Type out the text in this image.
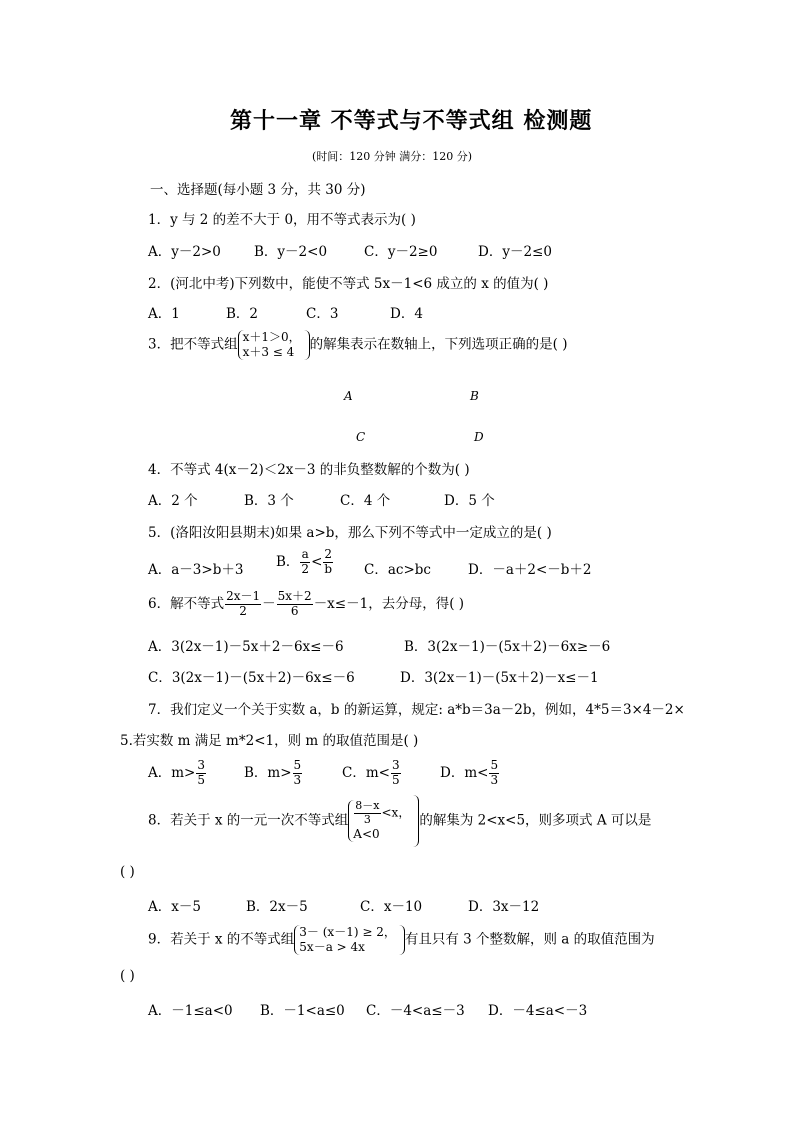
第十一章 不等式与不等式组 检测题
(时间：120 分钟 满分：120 分)
一、选择题(每小题 3 分，共 30 分)
1．y 与 2 的差不大于 0，用不等式表示为( )
A．y－2>0 B．y－2<0	C．y－2≥0	D．y－2≤0
2．(河北中考)下列数中，能使不等式 5x－1<6 成立的 x 的值为( )
A．1	B．2	C．3	D．4
3．把不等式组 x＋1＞0，
x＋3 ≤ 4	的解集表示在数轴上，下列选项正确的是( )
A	B
C	D
4．不等式 4(x－2)＜2x－3 的非负整数解的个数为( )
A．2 个	B．3 个	C．4 个	D．5 个
5．(洛阳汝阳县期末)如果 a>b，那么下列不等式中一定成立的是( )
A．a－3>b＋3
B． $\frac{a}{2} < \frac{2}{b}$ C．ac>bc	D．－a＋2<－b＋2
6．解不等式 $\frac{2x-1}{2} - \frac{5x+2}{6} -x\le-1$，去分母，得( )
A．3(2x－1)－5x＋2－6x≤－6	B．3(2x－1)－(5x＋2)－6x≥－6
C．3(2x－1)－(5x＋2)－6x≤－6	D．3(2x－1)－(5x＋2)－x≤－1
7．我们定义一个关于实数 a，b 的新运算，规定: a*b＝3a－2b，例如，4*5＝3×4－2×
5.若实数 m 满足 m*2<1，则 m 的取值范围是( )
A．$m> \frac{3}{5}$	B．$m> \frac{5}{3}$	C．$m< \frac{3}{5}$	D．$m< \frac{5}{3}$
8．若关于 x 的一元一次不等式组 $\frac{8-x}{3} <x$，
A<0
的解集为 2<x<5，则多项式 A 可以是
( )
A．x－5	B．2x－5	C．x－10	D．3x－12
9．若关于 x 的不等式组 3－ (x－1) ≥ 2，
5x－a > 4x	有且只有 3 个整数解，则 a 的取值范围为
( )
A．－1≤a<0 B．－1<a≤0 C．－4<a≤－3 D．－4≤a<－3
